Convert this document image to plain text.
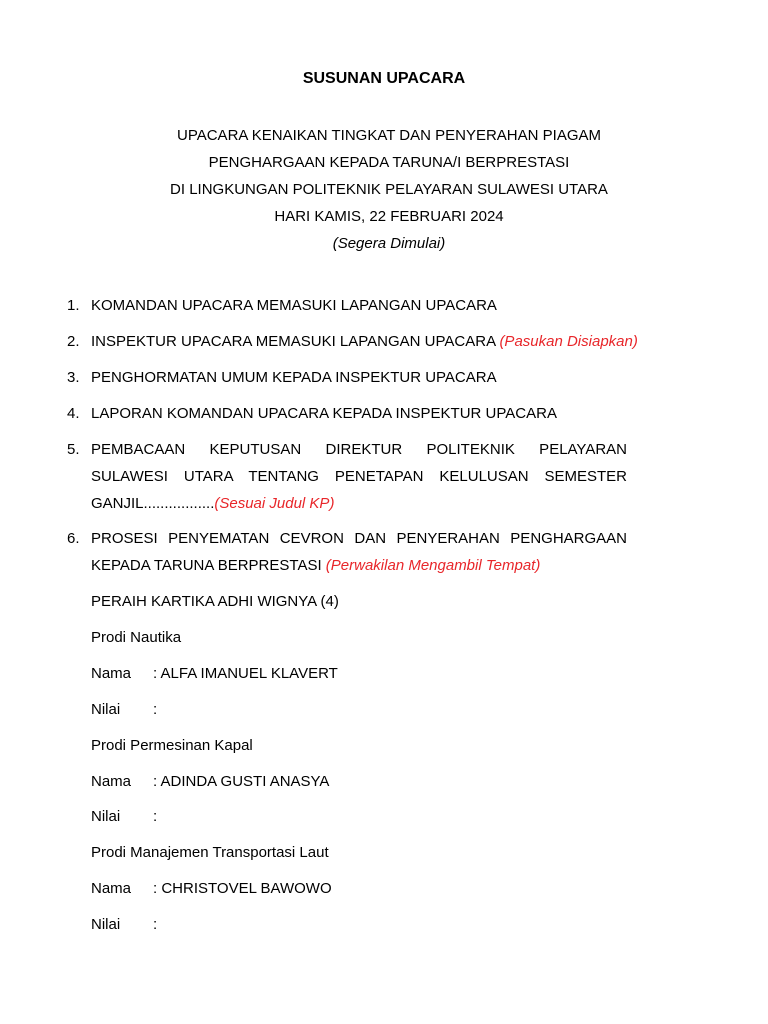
SUSUNAN UPACARA
UPACARA KENAIKAN TINGKAT DAN PENYERAHAN PIAGAM
PENGHARGAAN KEPADA TARUNA/I BERPRESTASI
DI LINGKUNGAN POLITEKNIK PELAYARAN SULAWESI UTARA
HARI KAMIS, 22 FEBRUARI 2024
(Segera Dimulai)
1. KOMANDAN UPACARA MEMASUKI LAPANGAN UPACARA
2. INSPEKTUR UPACARA MEMASUKI LAPANGAN UPACARA (Pasukan Disiapkan)
3. PENGHORMATAN UMUM KEPADA INSPEKTUR UPACARA
4. LAPORAN KOMANDAN UPACARA KEPADA INSPEKTUR UPACARA
5. PEMBACAAN KEPUTUSAN DIREKTUR POLITEKNIK PELAYARAN
SULAWESI UTARA TENTANG PENETAPAN KELULUSAN SEMESTER
GANJIL.................(Sesuai Judul KP)
6. PROSESI PENYEMATAN CEVRON DAN PENYERAHAN PENGHARGAAN
KEPADA TARUNA BERPRESTASI (Perwakilan Mengambil Tempat)
PERAIH KARTIKA ADHI WIGNYA (4)
Prodi Nautika
Nama : ALFA IMANUEL KLAVERT
Nilai :
Prodi Permesinan Kapal
Nama : ADINDA GUSTI ANASYA
Nilai :
Prodi Manajemen Transportasi Laut
Nama : CHRISTOVEL BAWOWO
Nilai :
